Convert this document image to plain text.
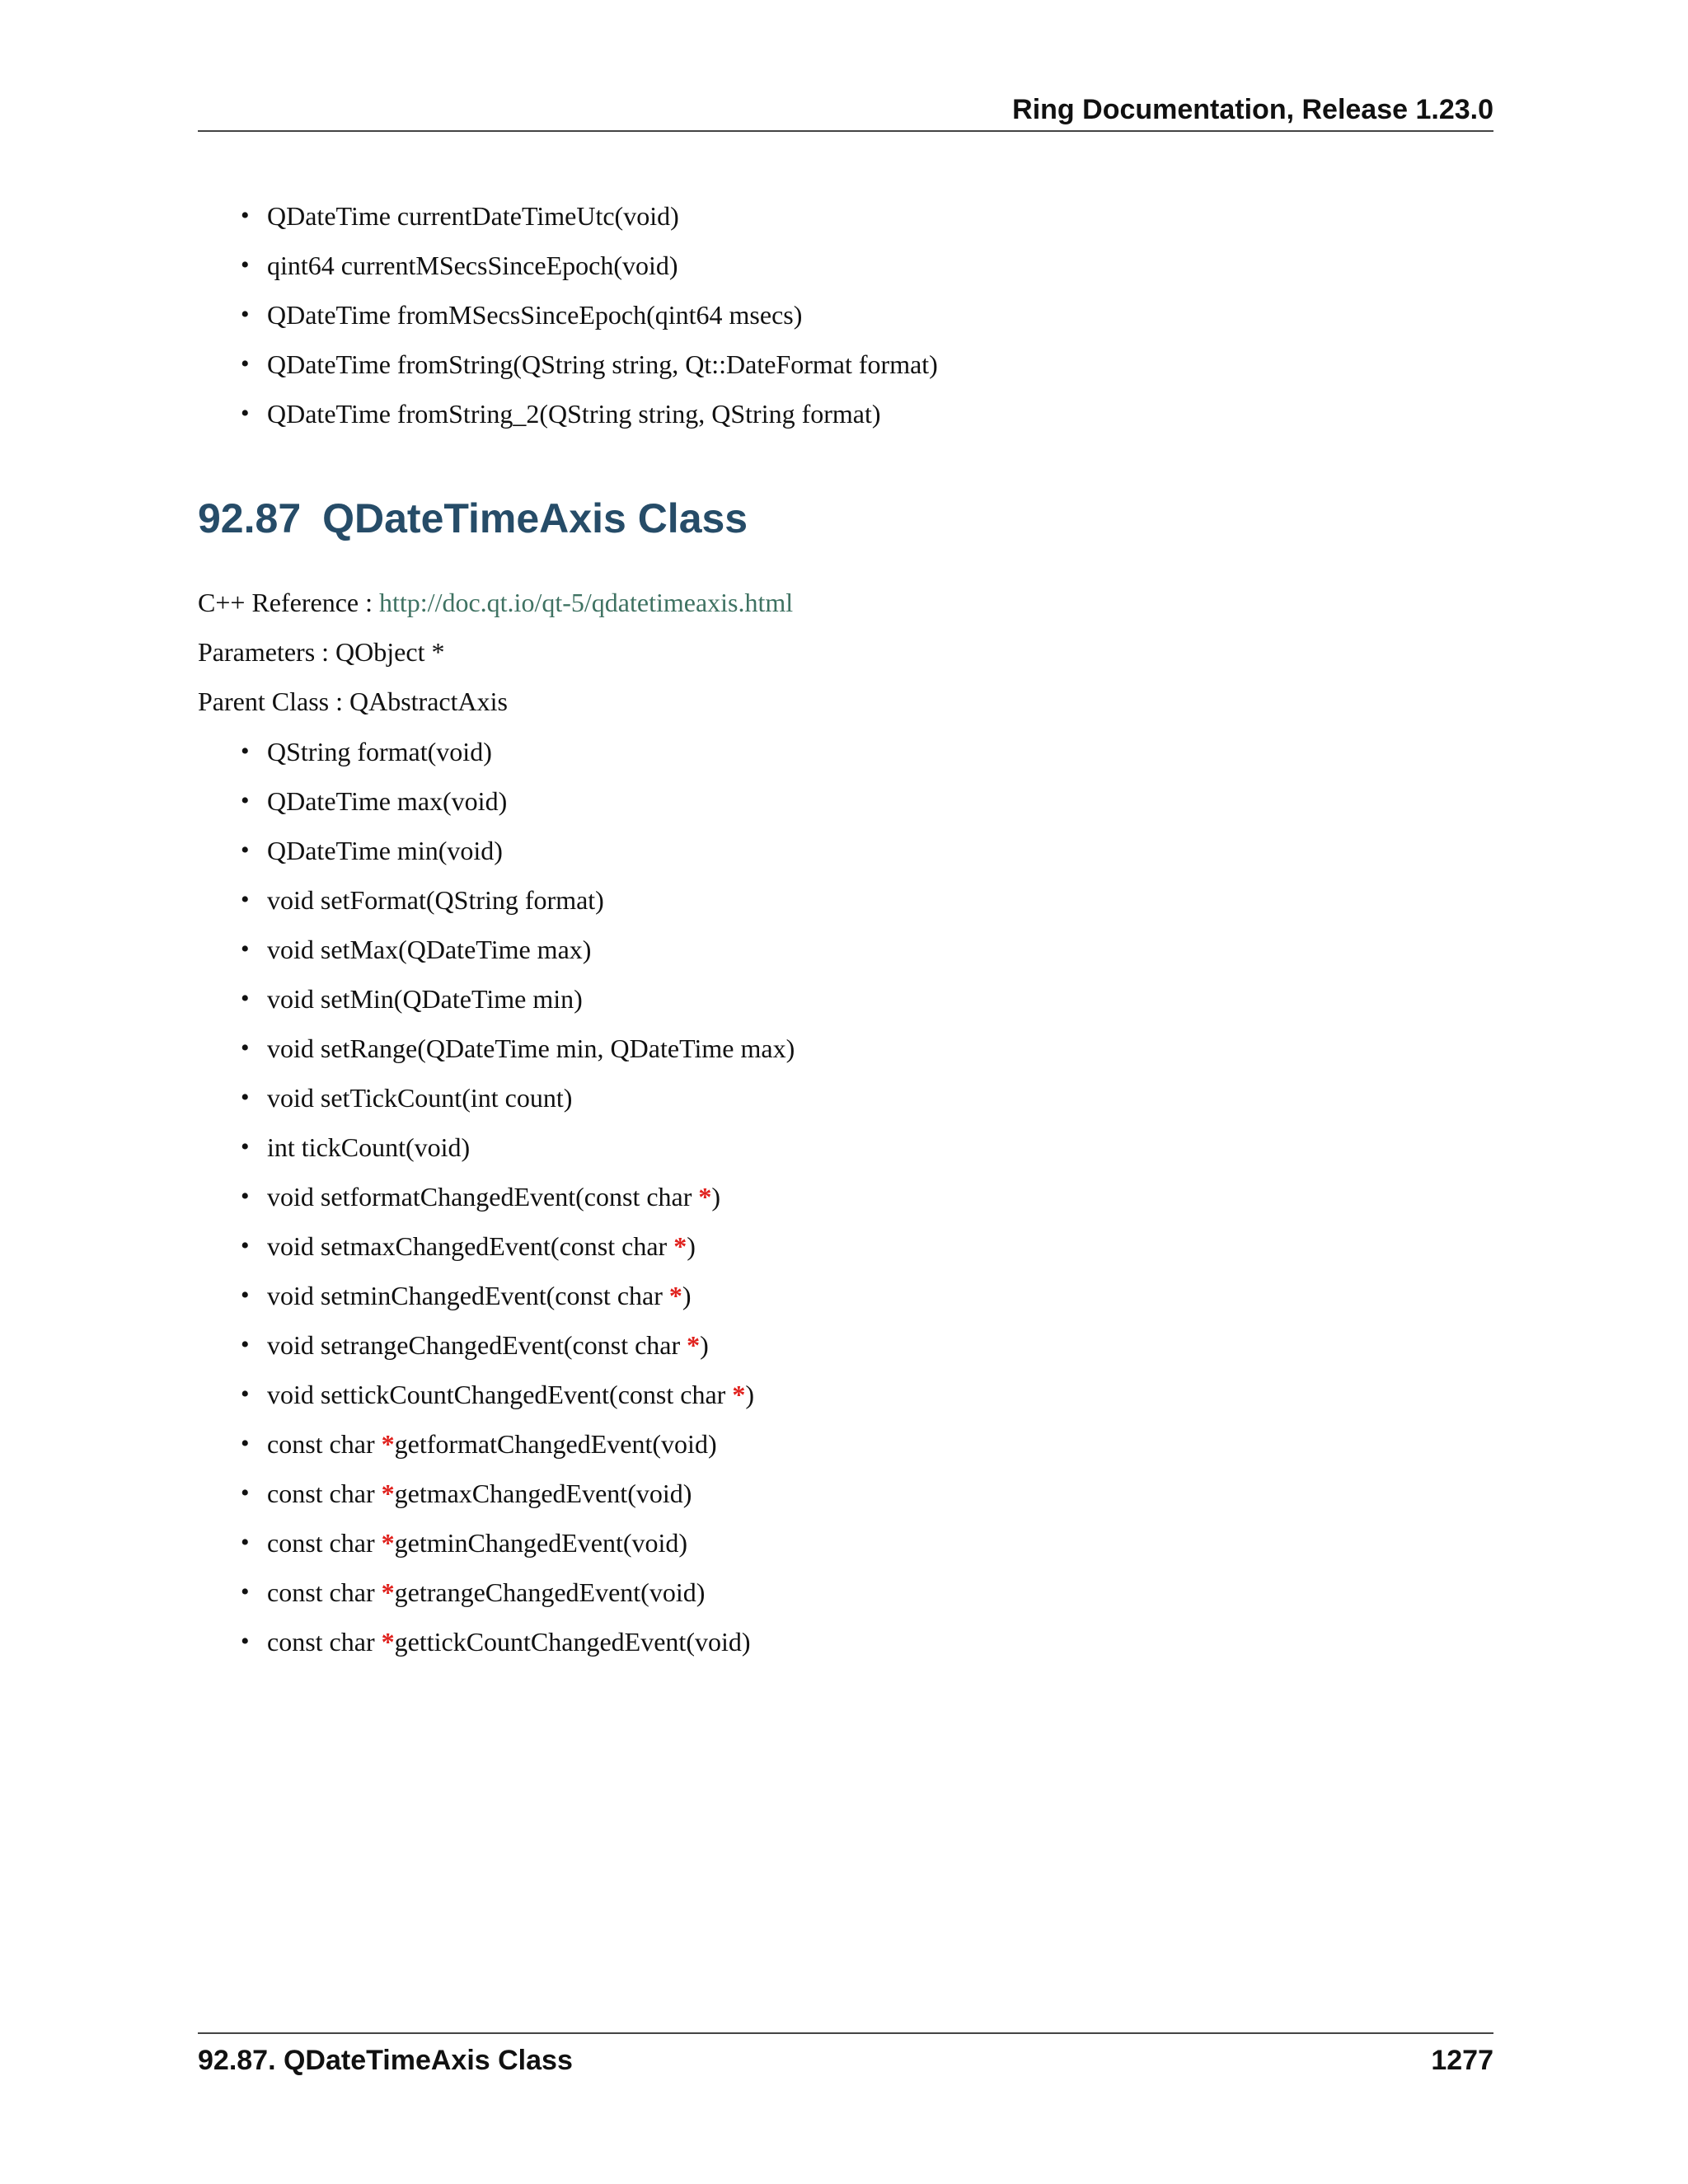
Ring Documentation, Release 1.23.0
• QDateTime currentDateTimeUtc(void)
• qint64 currentMSecsSinceEpoch(void)
• QDateTime fromMSecsSinceEpoch(qint64 msecs)
• QDateTime fromString(QString string, Qt::DateFormat format)
• QDateTime fromString_2(QString string, QString format)
92.87 QDateTimeAxis Class
C++ Reference : http://doc.qt.io/qt-5/qdatetimeaxis.html
Parameters : QObject *
Parent Class : QAbstractAxis
• QString format(void)
• QDateTime max(void)
• QDateTime min(void)
• void setFormat(QString format)
• void setMax(QDateTime max)
• void setMin(QDateTime min)
• void setRange(QDateTime min, QDateTime max)
• void setTickCount(int count)
• int tickCount(void)
• void setformatChangedEvent(const char *)
• void setmaxChangedEvent(const char *)
• void setminChangedEvent(const char *)
• void setrangeChangedEvent(const char *)
• void settickCountChangedEvent(const char *)
• const char *getformatChangedEvent(void)
• const char *getmaxChangedEvent(void)
• const char *getminChangedEvent(void)
• const char *getrangeChangedEvent(void)
• const char *gettickCountChangedEvent(void)
92.87. QDateTimeAxis Class	1277
